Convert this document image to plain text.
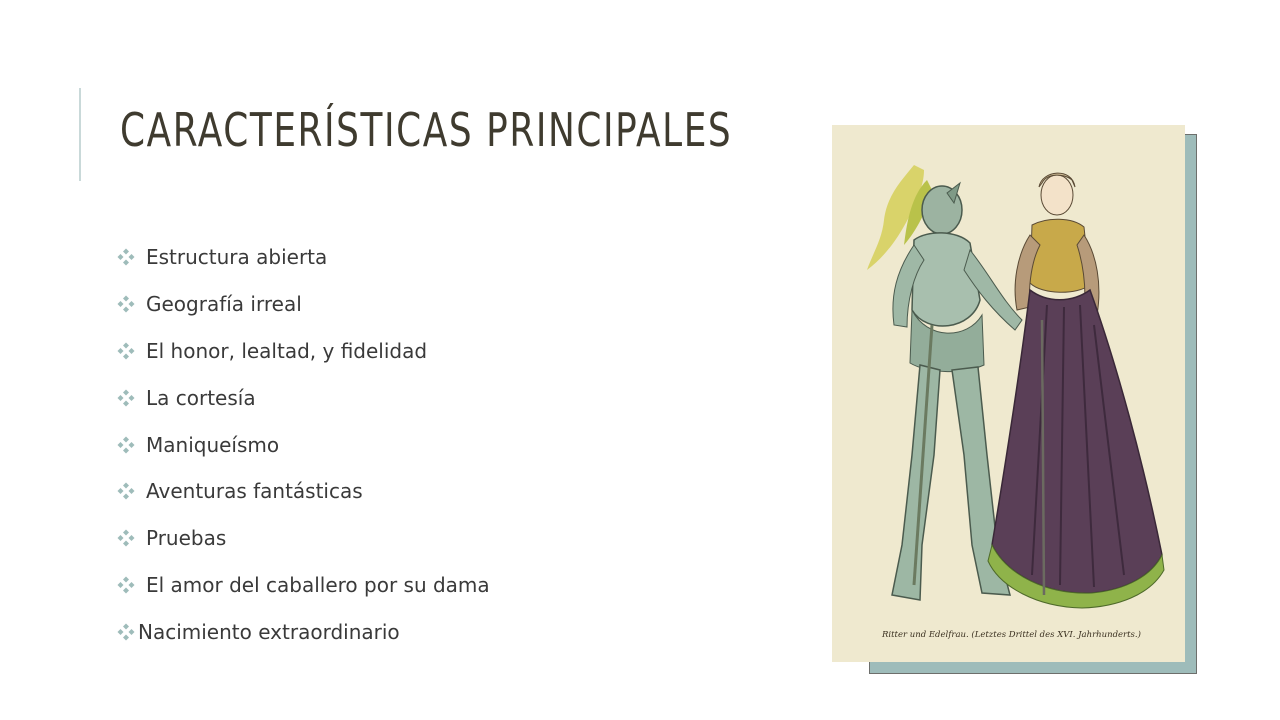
CARACTERÍSTICAS PRINCIPALES
Estructura abierta
Geografía irreal
El honor, lealtad, y fidelidad
La cortesía
Maniqueísmo
Aventuras fantásticas
Pruebas
El amor del caballero por su dama
Nacimiento extraordinario	Ritter und Edelfrau. (Letztes Drittel des XVI. Jahrhunderts.)
